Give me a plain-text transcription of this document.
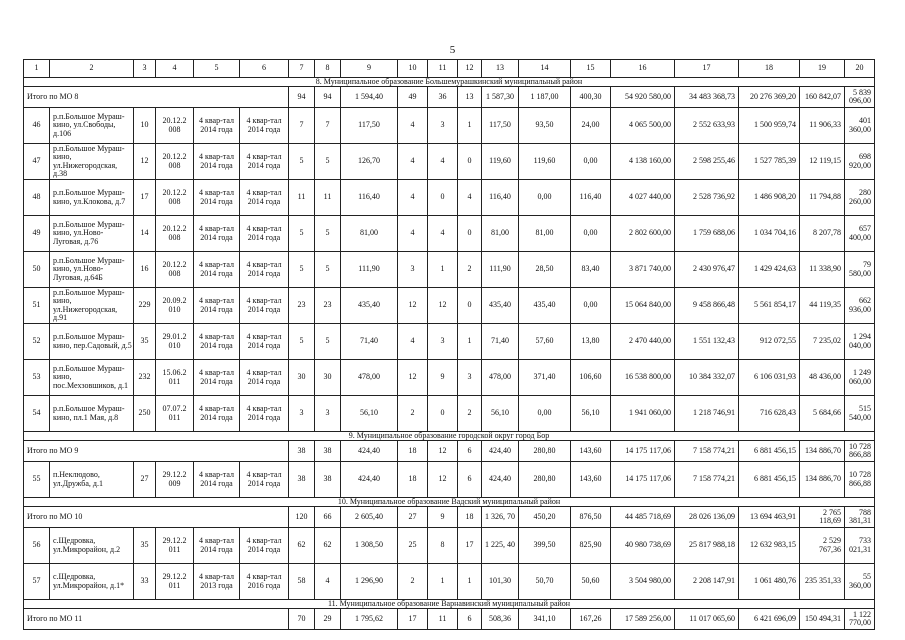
5
1	2	3	4	5	6	7	8	9	10	11	12	13	14	15	16	17	18	19	20
8. Муниципальное образование Большемурашкинский муниципальный район																			
Итого по МО 8						94	94	1 594,40	49	36	13	1 587,30	1 187,00	400,30	54 920 580,00	34 483 368,73	20 276 369,20	160 842,07	5 839 096,00
46	р.п.Большое Мураш-кино, ул.Свободы, д.106	10	20.12.2 008	4 квар-тал 2014 года	4 квар-тал 2014 года	7	7	117,50	4	3	1	117,50	93,50	24,00	4 065 500,00	2 552 633,93	1 500 959,74	11 906,33	401 360,00
47	р.п.Большое Мураш-кино, ул.Нижегородская, д.38	12	20.12.2 008	4 квар-тал 2014 года	4 квар-тал 2014 года	5	5	126,70	4	4	0	119,60	119,60	0,00	4 138 160,00	2 598 255,46	1 527 785,39	12 119,15	698 920,00
48	р.п.Большое Мураш-кино, ул.Клокова, д.7	17	20.12.2 008	4 квар-тал 2014 года	4 квар-тал 2014 года	11	11	116,40	4	0	4	116,40	0,00	116,40	4 027 440,00	2 528 736,92	1 486 908,20	11 794,88	280 260,00
49	р.п.Большое Мураш-кино, ул.Ново-Луговая, д.76	14	20.12.2 008	4 квар-тал 2014 года	4 квар-тал 2014 года	5	5	81,00	4	4	0	81,00	81,00	0,00	2 802 600,00	1 759 688,06	1 034 704,16	8 207,78	657 400,00
50	р.п.Большое Мураш-кино, ул.Ново-Луговая, д.64Б	16	20.12.2 008	4 квар-тал 2014 года	4 квар-тал 2014 года	5	5	111,90	3	1	2	111,90	28,50	83,40	3 871 740,00	2 430 976,47	1 429 424,63	11 338,90	79 580,00
51	р.п.Большое Мураш-кино, ул.Нижегородская, д.91	229	20.09.2 010	4 квар-тал 2014 года	4 квар-тал 2014 года	23	23	435,40	12	12	0	435,40	435,40	0,00	15 064 840,00	9 458 866,48	5 561 854,17	44 119,35	662 936,00
52	р.п.Большое Мураш-кино, пер.Садовый, д.5	35	29.01.2 010	4 квар-тал 2014 года	4 квар-тал 2014 года	5	5	71,40	4	3	1	71,40	57,60	13,80	2 470 440,00	1 551 132,43	912 072,55	7 235,02	1 294 040,00
53	р.п.Большое Мураш-кино, пос.Мехзовшиков, д.1	232	15.06.2 011	4 квар-тал 2014 года	4 квар-тал 2014 года	30	30	478,00	12	9	3	478,00	371,40	106,60	16 538 800,00	10 384 332,07	6 106 031,93	48 436,00	1 249 060,00
54	р.п.Большое Мураш-кино, пл.1 Мая, д.8	250	07.07.2 011	4 квар-тал 2014 года	4 квар-тал 2014 года	3	3	56,10	2	0	2	56,10	0,00	56,10	1 941 060,00	1 218 746,91	716 628,43	5 684,66	515 540,00
9. Муниципальное образование городской округ город Бор																			
Итого по МО 9						38	38	424,40	18	12	6	424,40	280,80	143,60	14 175 117,06	7 158 774,21	6 881 456,15	134 886,70	10 728 866,88
55	п.Неклюдово, ул.Дружба, д.1	27	29.12.2 009	4 квар-тал 2014 года	4 квар-тал 2014 года	38	38	424,40	18	12	6	424,40	280,80	143,60	14 175 117,06	7 158 774,21	6 881 456,15	134 886,70	10 728 866,88
10. Муниципальное образование Вадский муниципальный район																			
Итого по МО 10						120	66	2 605,40	27	9	18	1 326, 70	450,20	876,50	44 485 718,69	28 026 136,09	13 694 463,91	2 765 118,69	788 381,31
56	с.Щедровка, ул.Микрорайон, д.2	35	29.12.2 011	4 квар-тал 2014 года	4 квар-тал 2014 года	62	62	1 308,50	25	8	17	1 225, 40	399,50	825,90	40 980 738,69	25 817 988,18	12 632 983,15	2 529 767,36	733 021,31
57	с.Щедровка, ул.Микрорайон, д.1*	33	29.12.2 011	4 квар-тал 2013 года	4 квар-тал 2016 года	58	4	1 296,90	2	1	1	101,30	50,70	50,60	3 504 980,00	2 208 147,91	1 061 480,76	235 351,33	55 360,00
11. Муниципальное образование Варнавинский муниципальный район																			
Итого по МО 11						70	29	1 795,62	17	11	6	508,36	341,10	167,26	17 589 256,00	11 017 065,60	6 421 696,09	150 494,31	1 122 770,00
